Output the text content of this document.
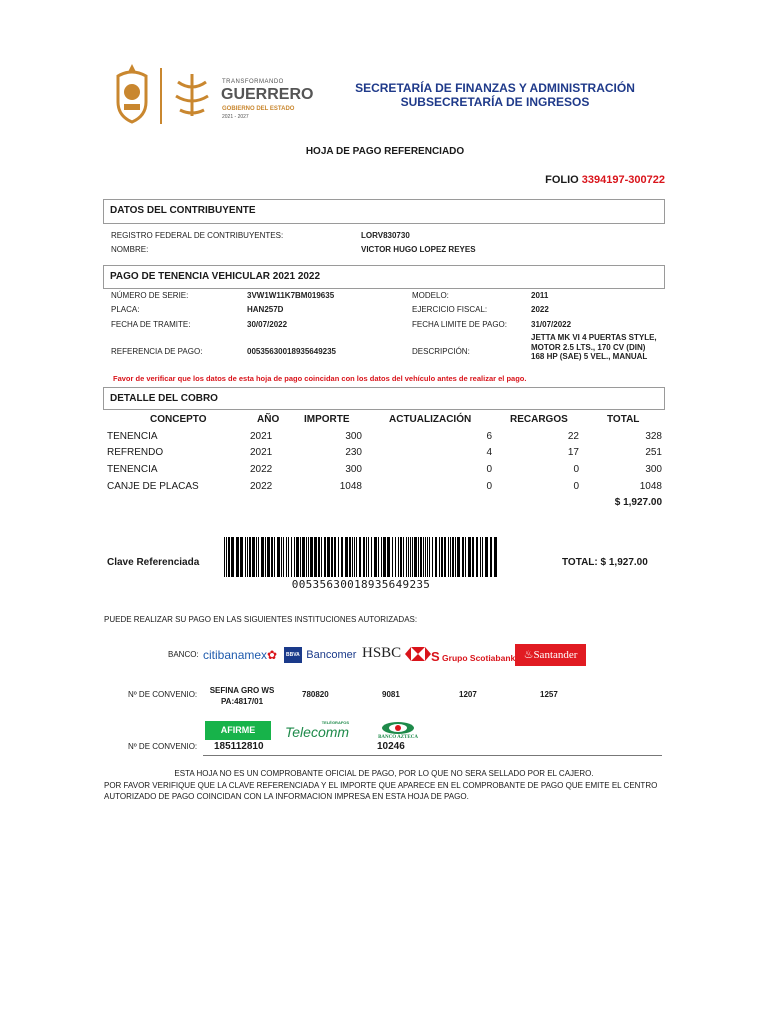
TRANSFORMANDO
GUERRERO
GOBIERNO DEL ESTADO
2021 - 2027
SECRETARÍA DE FINANZAS Y ADMINISTRACIÓN
SUBSECRETARÍA DE INGRESOS
HOJA DE PAGO REFERENCIADO
FOLIO 3394197-300722
DATOS DEL CONTRIBUYENTE
REGISTRO FEDERAL DE CONTRIBUYENTES:	LORV830730
NOMBRE:	VICTOR HUGO LOPEZ REYES
PAGO DE TENENCIA VEHICULAR 2021 2022
NÚMERO DE SERIE:	3VW1W11K7BM019635	MODELO:	2011
PLACA:	HAN257D	EJERCICIO FISCAL:	2022
FECHA DE TRAMITE:	30/07/2022	FECHA LIMITE DE PAGO:	31/07/2022
REFERENCIA DE PAGO:	00535630018935649235	DESCRIPCIÓN:
JETTA MK VI 4 PUERTAS STYLE, MOTOR 2.5 LTS., 170 CV (DIN) 168 HP (SAE) 5 VEL., MANUAL
Favor de verificar que los datos de esta hoja de pago coincidan con los datos del vehículo antes de realizar el pago.
DETALLE DEL COBRO
CONCEPTO	AÑO IMPORTE	ACTUALIZACIÓN	RECARGOS	TOTAL
TENENCIA	2021	300	6	22	328
REFRENDO	2021	230	4	17	251
TENENCIA	2022	300	0	0	300
CANJE DE PLACAS	2022	1048	0	0	1048
$ 1,927.00
Clave Referenciada
00535630018935649235
TOTAL: $ 1,927.00
PUEDE REALIZAR SU PAGO EN LAS SIGUIENTES INSTITUCIONES AUTORIZADAS:
BANCO: citibanamex✿	BBVA Bancomer HSBC	S Grupo Scotiabank ♨Santander
Nº DE CONVENIO:	SEFINA GRO WS PA:4817/01
780820	9081	1207	1257
AFIRME
TELÉGRAFOS
Telecomm	BANCO AZTECA
Nº DE CONVENIO: 185112810	10246
ESTA HOJA NO ES UN COMPROBANTE OFICIAL DE PAGO, POR LO QUE NO SERA SELLADO POR EL CAJERO.
POR FAVOR VERIFIQUE QUE LA CLAVE REFERENCIADA Y EL IMPORTE QUE APARECE EN EL COMPROBANTE DE PAGO QUE EMITE EL CENTRO AUTORIZADO DE PAGO COINCIDAN CON LA INFORMACION IMPRESA EN ESTA HOJA DE PAGO.
